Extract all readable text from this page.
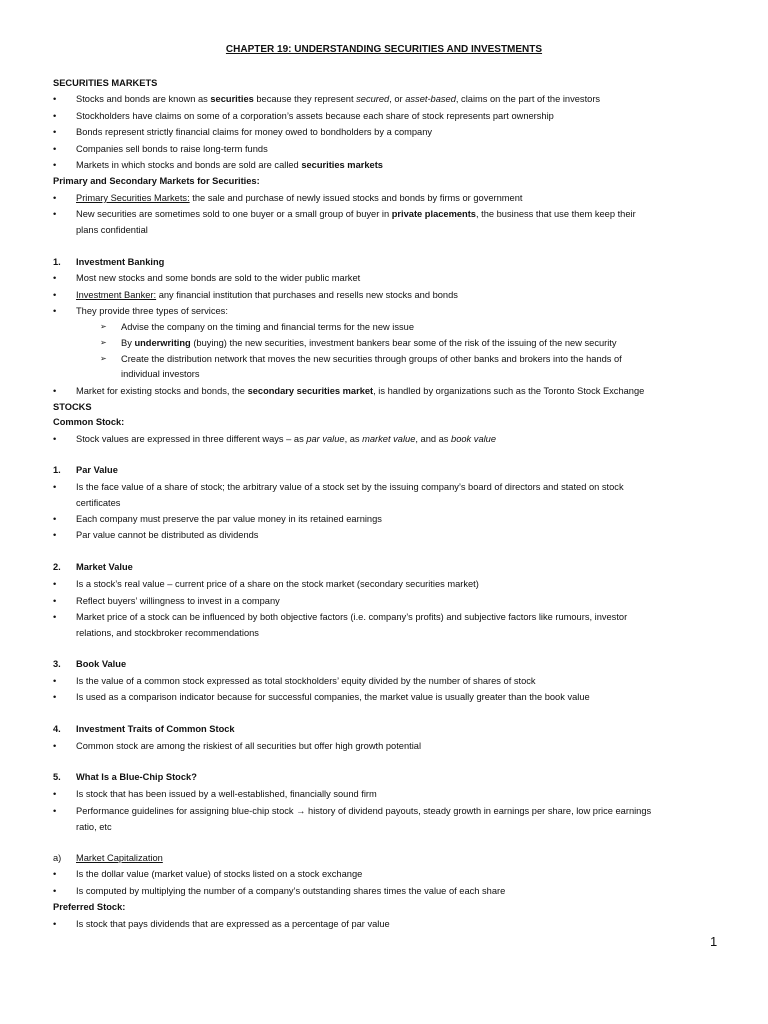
CHAPTER 19: UNDERSTANDING SECURITIES AND INVESTMENTS
SECURITIES MARKETS
•	Stocks and bonds are known as securities because they represent secured, or asset-based, claims on the part of the investors
•	Stockholders have claims on some of a corporation’s assets because each share of stock represents part ownership
•	Bonds represent strictly financial claims for money owed to bondholders by a company
•	Companies sell bonds to raise long-term funds
•	Markets in which stocks and bonds are sold are called securities markets
Primary and Secondary Markets for Securities:
•	Primary Securities Markets: the sale and purchase of newly issued stocks and bonds by firms or government
•	New securities are sometimes sold to one buyer or a small group of buyer in private placements, the business that use them keep their
plans confidential
1. Investment Banking
•	Most new stocks and some bonds are sold to the wider public market
•	Investment Banker: any financial institution that purchases and resells new stocks and bonds
•	They provide three types of services:
➢ Advise the company on the timing and financial terms for the new issue
➢ By underwriting (buying) the new securities, investment bankers bear some of the risk of the issuing of the new security
➢ Create the distribution network that moves the new securities through groups of other banks and brokers into the hands of
individual investors
•	Market for existing stocks and bonds, the secondary securities market, is handled by organizations such as the Toronto Stock Exchange
STOCKS
Common Stock:
•	Stock values are expressed in three different ways – as par value, as market value, and as book value
1. Par Value
•	Is the face value of a share of stock; the arbitrary value of a stock set by the issuing company’s board of directors and stated on stock
certificates
•	Each company must preserve the par value money in its retained earnings
•	Par value cannot be distributed as dividends
2. Market Value
•	Is a stock’s real value – current price of a share on the stock market (secondary securities market)
•	Reflect buyers’ willingness to invest in a company
•	Market price of a stock can be influenced by both objective factors (i.e. company’s profits) and subjective factors like rumours, investor
relations, and stockbroker recommendations
3. Book Value
•	Is the value of a common stock expressed as total stockholders’ equity divided by the number of shares of stock
•	Is used as a comparison indicator because for successful companies, the market value is usually greater than the book value
4. Investment Traits of Common Stock
•	Common stock are among the riskiest of all securities but offer high growth potential
5. What Is a Blue-Chip Stock?
•	Is stock that has been issued by a well-established, financially sound firm
•	Performance guidelines for assigning blue-chip stock → history of dividend payouts, steady growth in earnings per share, low price earnings
ratio, etc
a) Market Capitalization
•	Is the dollar value (market value) of stocks listed on a stock exchange
•	Is computed by multiplying the number of a company’s outstanding shares times the value of each share
Preferred Stock:
•	Is stock that pays dividends that are expressed as a percentage of par value
1
